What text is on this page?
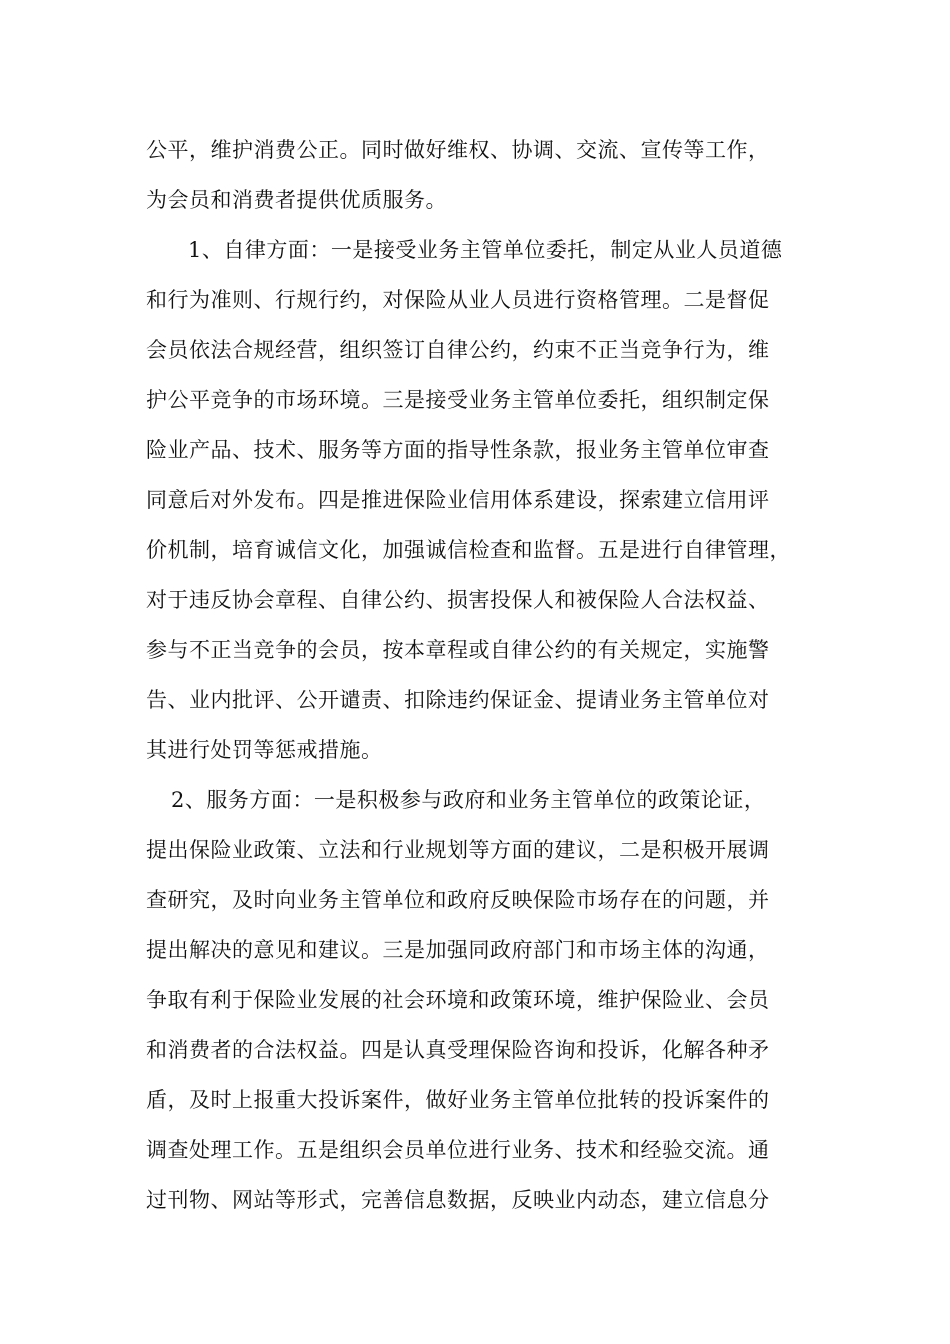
公平，维护消费公正。同时做好维权、协调、交流、宣传等工作，
为会员和消费者提供优质服务。
1、自律方面：一是接受业务主管单位委托，制定从业人员道德
和行为准则、行规行约，对保险从业人员进行资格管理。二是督促
会员依法合规经营，组织签订自律公约，约束不正当竞争行为，维
护公平竞争的市场环境。三是接受业务主管单位委托，组织制定保
险业产品、技术、服务等方面的指导性条款，报业务主管单位审查
同意后对外发布。四是推进保险业信用体系建设，探索建立信用评
价机制，培育诚信文化，加强诚信检查和监督。五是进行自律管理，
对于违反协会章程、自律公约、损害投保人和被保险人合法权益、
参与不正当竞争的会员，按本章程或自律公约的有关规定，实施警
告、业内批评、公开谴责、扣除违约保证金、提请业务主管单位对
其进行处罚等惩戒措施。
2、服务方面：一是积极参与政府和业务主管单位的政策论证，
提出保险业政策、立法和行业规划等方面的建议，二是积极开展调
查研究，及时向业务主管单位和政府反映保险市场存在的问题，并
提出解决的意见和建议。三是加强同政府部门和市场主体的沟通，
争取有利于保险业发展的社会环境和政策环境，维护保险业、会员
和消费者的合法权益。四是认真受理保险咨询和投诉，化解各种矛
盾，及时上报重大投诉案件，做好业务主管单位批转的投诉案件的
调查处理工作。五是组织会员单位进行业务、技术和经验交流。通
过刊物、网站等形式，完善信息数据，反映业内动态，建立信息分
